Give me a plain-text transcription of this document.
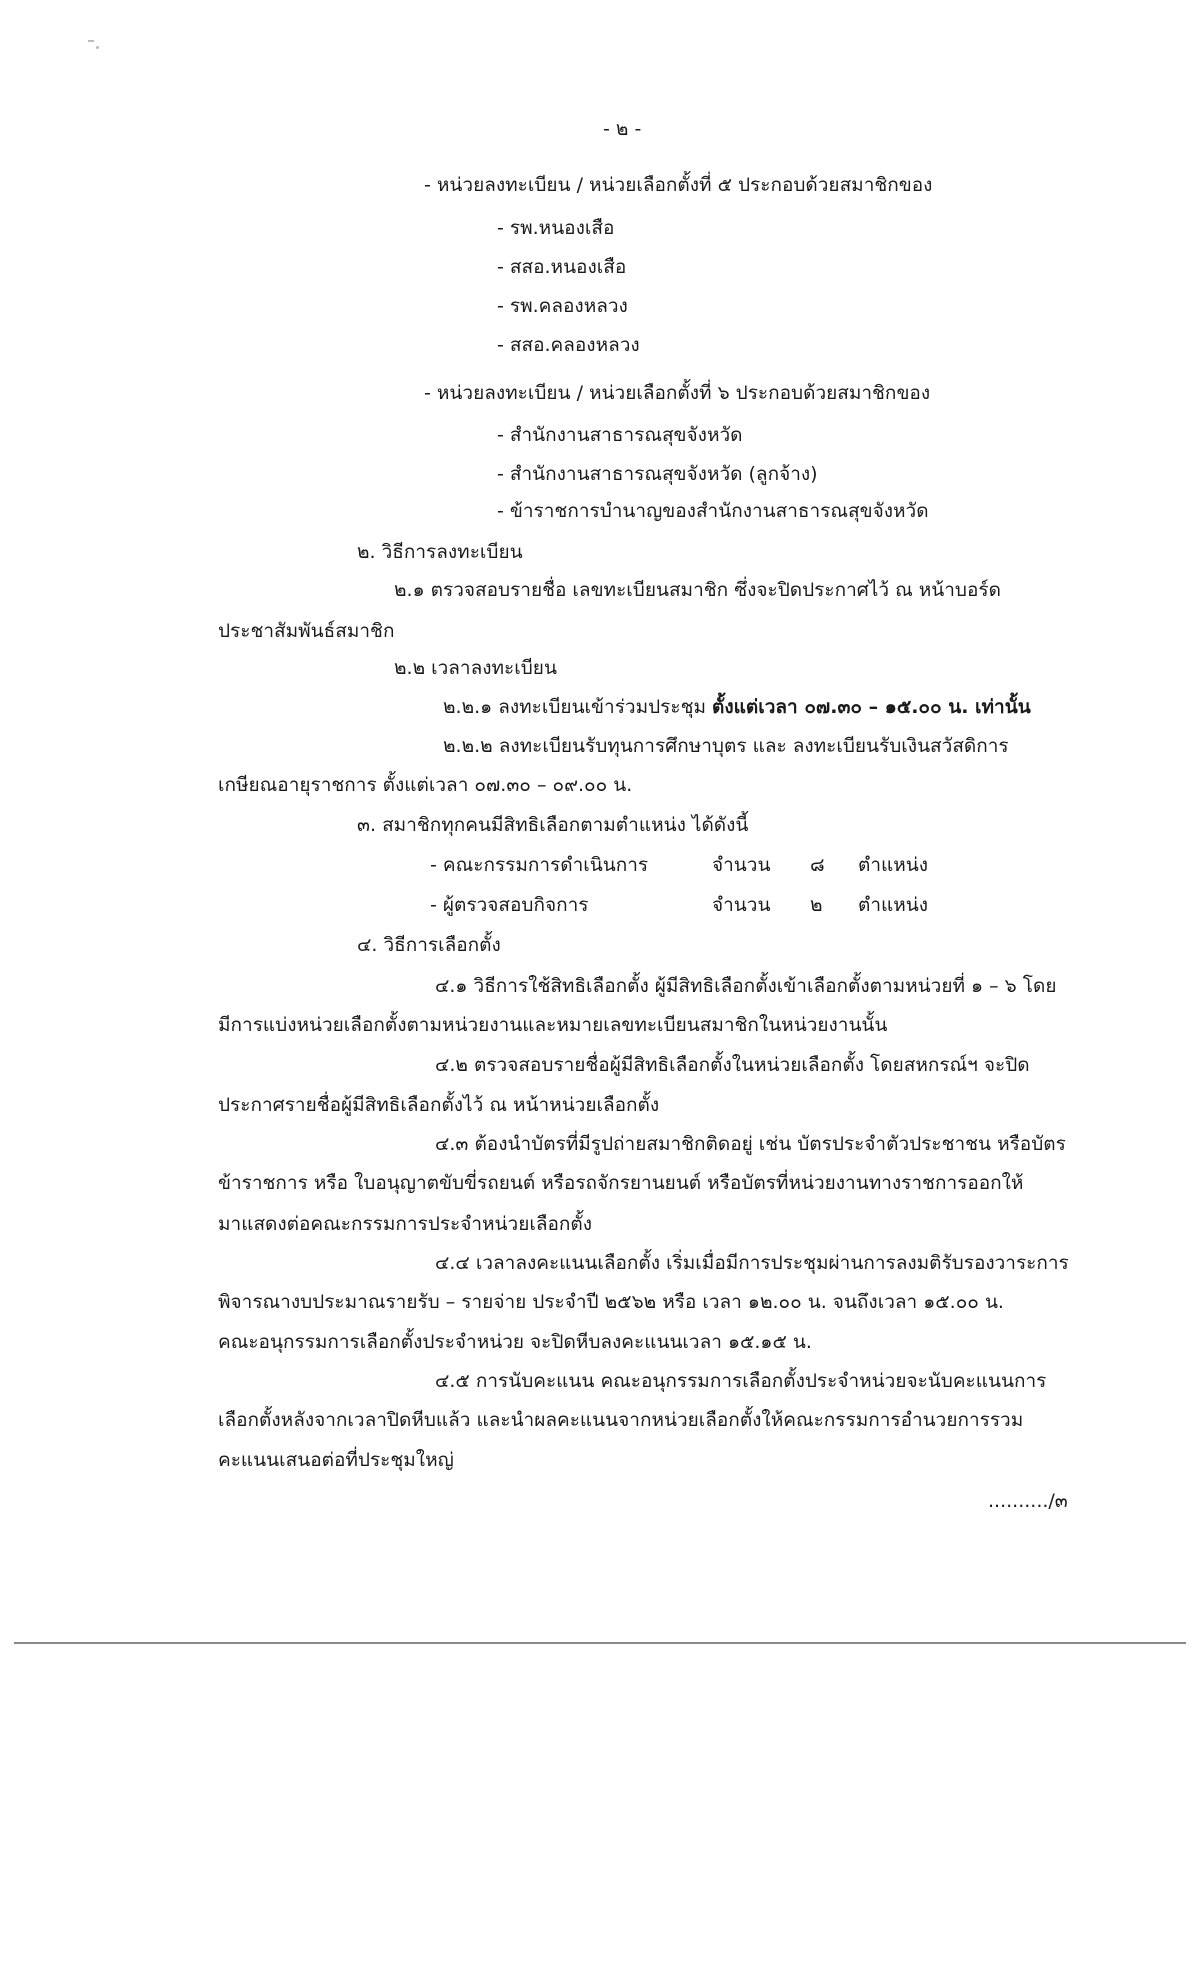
- ๒ -
- หน่วยลงทะเบียน / หน่วยเลือกตั้งที่ ๕ ประกอบด้วยสมาชิกของ
- รพ.หนองเสือ
- สสอ.หนองเสือ
- รพ.คลองหลวง
- สสอ.คลองหลวง
- หน่วยลงทะเบียน / หน่วยเลือกตั้งที่ ๖ ประกอบด้วยสมาชิกของ
- สำนักงานสาธารณสุขจังหวัด
- สำนักงานสาธารณสุขจังหวัด (ลูกจ้าง)
- ข้าราชการบำนาญของสำนักงานสาธารณสุขจังหวัด
๒. วิธีการลงทะเบียน
๒.๑ ตรวจสอบรายชื่อ เลขทะเบียนสมาชิก ซึ่งจะปิดประกาศไว้ ณ หน้าบอร์ด
ประชาสัมพันธ์สมาชิก
๒.๒ เวลาลงทะเบียน
๒.๒.๑ ลงทะเบียนเข้าร่วมประชุม ตั้งแต่เวลา ๐๗.๓๐ – ๑๕.๐๐ น. เท่านั้น
๒.๒.๒ ลงทะเบียนรับทุนการศึกษาบุตร และ ลงทะเบียนรับเงินสวัสดิการ
เกษียณอายุราชการ ตั้งแต่เวลา ๐๗.๓๐ – ๐๙.๐๐ น.
๓. สมาชิกทุกคนมีสิทธิเลือกตามตำแหน่ง ได้ดังนี้
- คณะกรรมการดำเนินการ	จำนวน ๘ ตำแหน่ง
- ผู้ตรวจสอบกิจการ	จำนวน ๒ ตำแหน่ง
๔. วิธีการเลือกตั้ง
๔.๑ วิธีการใช้สิทธิเลือกตั้ง ผู้มีสิทธิเลือกตั้งเข้าเลือกตั้งตามหน่วยที่ ๑ – ๖ โดย
มีการแบ่งหน่วยเลือกตั้งตามหน่วยงานและหมายเลขทะเบียนสมาชิกในหน่วยงานนั้น
๔.๒ ตรวจสอบรายชื่อผู้มีสิทธิเลือกตั้งในหน่วยเลือกตั้ง โดยสหกรณ์ฯ จะปิด
ประกาศรายชื่อผู้มีสิทธิเลือกตั้งไว้ ณ หน้าหน่วยเลือกตั้ง
๔.๓ ต้องนำบัตรที่มีรูปถ่ายสมาชิกติดอยู่ เช่น บัตรประจำตัวประชาชน หรือบัตร
ข้าราชการ หรือ ใบอนุญาตขับขี่รถยนต์ หรือรถจักรยานยนต์ หรือบัตรที่หน่วยงานทางราชการออกให้
มาแสดงต่อคณะกรรมการประจำหน่วยเลือกตั้ง
๔.๔ เวลาลงคะแนนเลือกตั้ง เริ่มเมื่อมีการประชุมผ่านการลงมติรับรองวาระการ
พิจารณางบประมาณรายรับ – รายจ่าย ประจำปี ๒๕๖๒ หรือ เวลา ๑๒.๐๐ น. จนถึงเวลา ๑๕.๐๐ น.
คณะอนุกรรมการเลือกตั้งประจำหน่วย จะปิดหีบลงคะแนนเวลา ๑๕.๑๕ น.
๔.๕ การนับคะแนน คณะอนุกรรมการเลือกตั้งประจำหน่วยจะนับคะแนนการ
เลือกตั้งหลังจากเวลาปิดหีบแล้ว และนำผลคะแนนจากหน่วยเลือกตั้งให้คณะกรรมการอำนวยการรวม
คะแนนเสนอต่อที่ประชุมใหญ่
........../๓
